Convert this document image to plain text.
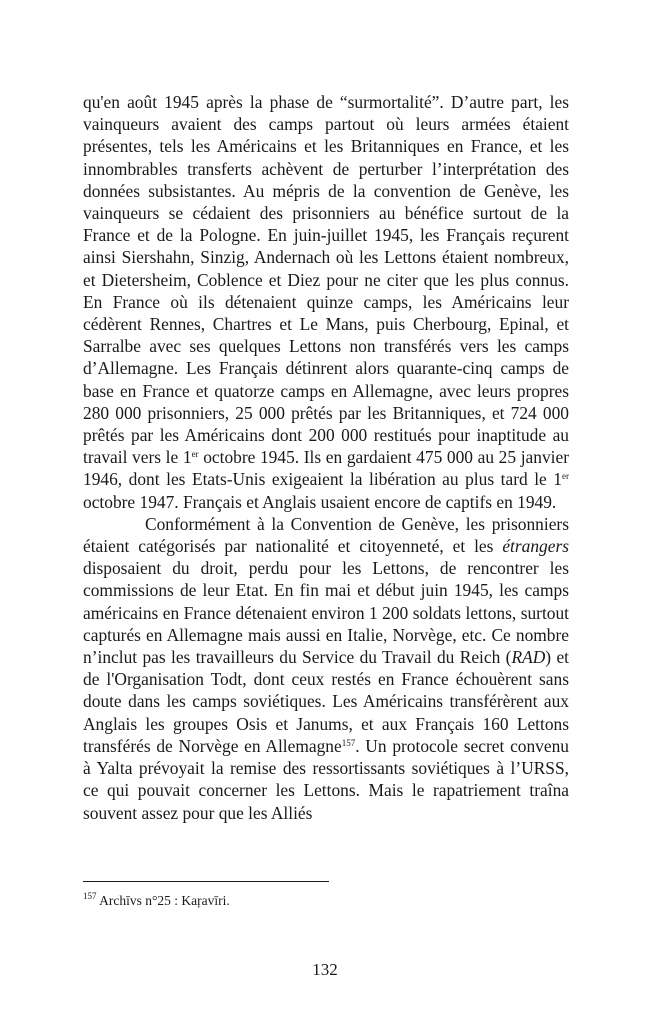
qu'en août 1945 après la phase de “surmortalité”. D’autre part, les vainqueurs avaient des camps partout où leurs armées étaient présentes, tels les Américains et les Britanniques en France, et les innombrables transferts achèvent de perturber l’interprétation des données subsistantes. Au mépris de la convention de Genève, les vainqueurs se cédaient des prisonniers au bénéfice surtout de la France et de la Pologne. En juin-juillet 1945, les Français reçurent ainsi Siershahn, Sinzig, Andernach où les Lettons étaient nombreux, et Dietersheim, Coblence et Diez pour ne citer que les plus connus. En France où ils détenaient quinze camps, les Américains leur cédèrent Rennes, Chartres et Le Mans, puis Cherbourg, Epinal, et Sarralbe avec ses quelques Lettons non transférés vers les camps d’Allemagne. Les Français détinrent alors quarante-cinq camps de base en France et quatorze camps en Allemagne, avec leurs propres 280 000 prisonniers, 25 000 prêtés par les Britanniques, et 724 000 prêtés par les Américains dont 200 000 restitués pour inaptitude au travail vers le 1er octobre 1945. Ils en gardaient 475 000 au 25 janvier 1946, dont les Etats-Unis exigeaient la libération au plus tard le 1er octobre 1947. Français et Anglais usaient encore de captifs en 1949.

Conformément à la Convention de Genève, les prisonniers étaient catégorisés par nationalité et citoyenneté, et les étrangers disposaient du droit, perdu pour les Lettons, de rencontrer les commissions de leur Etat. En fin mai et début juin 1945, les camps américains en France détenaient environ 1 200 soldats lettons, surtout capturés en Allemagne mais aussi en Italie, Norvège, etc. Ce nombre n’inclut pas les travailleurs du Service du Travail du Reich (RAD) et de l'Organisation Todt, dont ceux restés en France échouèrent sans doute dans les camps soviétiques. Les Américains transférèrent aux Anglais les groupes Osis et Janums, et aux Français 160 Lettons transférés de Norvège en Allemagne$^{157}$. Un protocole secret convenu à Yalta prévoyait la remise des ressortissants soviétiques à l’URSS, ce qui pouvait concerner les Lettons. Mais le rapatriement traîna souvent assez pour que les Alliés

$^{157}$ Archīvs n°25 : Kaŗavīri.
132
